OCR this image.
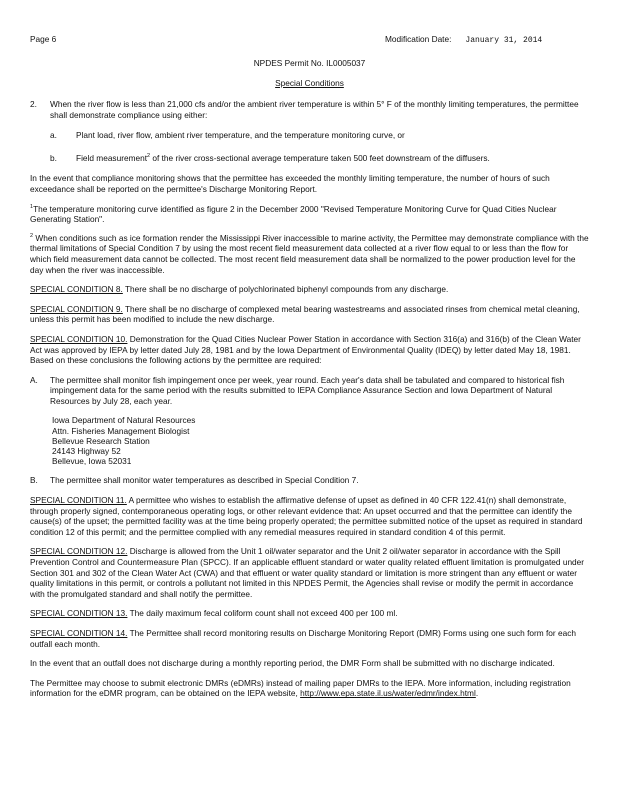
Page 6	Modification Date: January 31, 2014
NPDES Permit No. IL0005037
Special Conditions
2.	When the river flow is less than 21,000 cfs and/or the ambient river temperature is within 5° F of the monthly limiting temperatures, the permittee shall demonstrate compliance using either:
a.	Plant load, river flow, ambient river temperature, and the temperature monitoring curve, or
b.	Field measurement$^2$ of the river cross-sectional average temperature taken 500 feet downstream of the diffusers.

In the event that compliance monitoring shows that the permittee has exceeded the monthly limiting temperature, the number of hours of such exceedance shall be reported on the permittee's Discharge Monitoring Report.

$^1$The temperature monitoring curve identified as figure 2 in the December 2000 "Revised Temperature Monitoring Curve for Quad Cities Nuclear Generating Station".

$^2$ When conditions such as ice formation render the Mississippi River inaccessible to marine activity, the Permittee may demonstrate compliance with the thermal limitations of Special Condition 7 by using the most recent field measurement data collected at a river flow equal to or less than the flow for which field measurement data cannot be collected. The most recent field measurement data shall be normalized to the power production level for the day when the river was inaccessible.

SPECIAL CONDITION 8. There shall be no discharge of polychlorinated biphenyl compounds from any discharge.

SPECIAL CONDITION 9. There shall be no discharge of complexed metal bearing wastestreams and associated rinses from chemical metal cleaning, unless this permit has been modified to include the new discharge.

SPECIAL CONDITION 10. Demonstration for the Quad Cities Nuclear Power Station in accordance with Section 316(a) and 316(b) of the Clean Water Act was approved by IEPA by letter dated July 28, 1981 and by the Iowa Department of Environmental Quality (IDEQ) by letter dated May 18, 1981. Based on these conclusions the following actions by the permittee are required:

A.	The permittee shall monitor fish impingement once per week, year round. Each year's data shall be tabulated and compared to historical fish impingement data for the same period with the results submitted to IEPA Compliance Assurance Section and Iowa Department of Natural Resources by July 28, each year.
Iowa Department of Natural Resources
Attn. Fisheries Management Biologist
Bellevue Research Station
24143 Highway 52
Bellevue, Iowa 52031
B.	The permittee shall monitor water temperatures as described in Special Condition 7.

SPECIAL CONDITION 11. A permittee who wishes to establish the affirmative defense of upset as defined in 40 CFR 122.41(n) shall demonstrate, through properly signed, contemporaneous operating logs, or other relevant evidence that: An upset occurred and that the permittee can identify the cause(s) of the upset; the permitted facility was at the time being properly operated; the permittee submitted notice of the upset as required in standard condition 12 of this permit; and the permittee complied with any remedial measures required in standard condition 4 of this permit.

SPECIAL CONDITION 12. Discharge is allowed from the Unit 1 oil/water separator and the Unit 2 oil/water separator in accordance with the Spill Prevention Control and Countermeasure Plan (SPCC). If an applicable effluent standard or water quality related effluent limitation is promulgated under Section 301 and 302 of the Clean Water Act (CWA) and that effluent or water quality standard or limitation is more stringent than any effluent or water quality limitations in this permit, or controls a pollutant not limited in this NPDES Permit, the Agencies shall revise or modify the permit in accordance with the promulgated standard and shall notify the permittee.

SPECIAL CONDITION 13. The daily maximum fecal coliform count shall not exceed 400 per 100 ml.

SPECIAL CONDITION 14. The Permittee shall record monitoring results on Discharge Monitoring Report (DMR) Forms using one such form for each outfall each month.

In the event that an outfall does not discharge during a monthly reporting period, the DMR Form shall be submitted with no discharge indicated.

The Permittee may choose to submit electronic DMRs (eDMRs) instead of mailing paper DMRs to the IEPA. More information, including registration information for the eDMR program, can be obtained on the IEPA website, http://www.epa.state.il.us/water/edmr/index.html.
